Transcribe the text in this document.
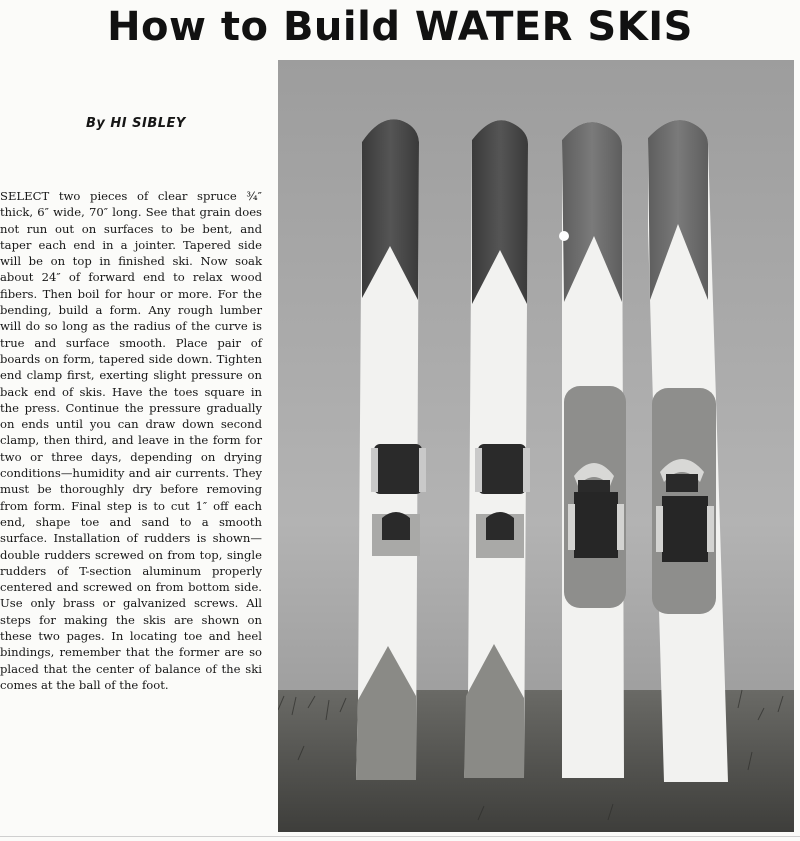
How to Build WATER SKIS

By HI SIBLEY

SELECT two pieces of clear spruce ¾″ thick, 6″ wide, 70″ long. See that grain does not run out on surfaces to be bent, and taper each end in a jointer. Tapered side will be on top in finished ski. Now soak about 24″ of forward end to relax wood fibers. Then boil for hour or more. For the bending, build a form. Any rough lumber will do so long as the radius of the curve is true and surface smooth. Place pair of boards on form, tapered side down. Tighten end clamp first, exerting slight pressure on back end of skis. Have the toes square in the press. Continue the pressure gradually on ends until you can draw down second clamp, then third, and leave in the form for two or three days, depending on drying conditions—humidity and air currents. They must be thoroughly dry before removing from form. Final step is to cut 1″ off each end, shape toe and sand to a smooth surface. Installation of rudders is shown—double rudders screwed on from top, single rudders of T-section aluminum properly centered and screwed on from bottom side. Use only brass or galvanized screws. All steps for making the skis are shown on these two pages. In locating toe and heel bindings, remember that the former are so placed that the center of balance of the ski comes at the ball of the foot.
